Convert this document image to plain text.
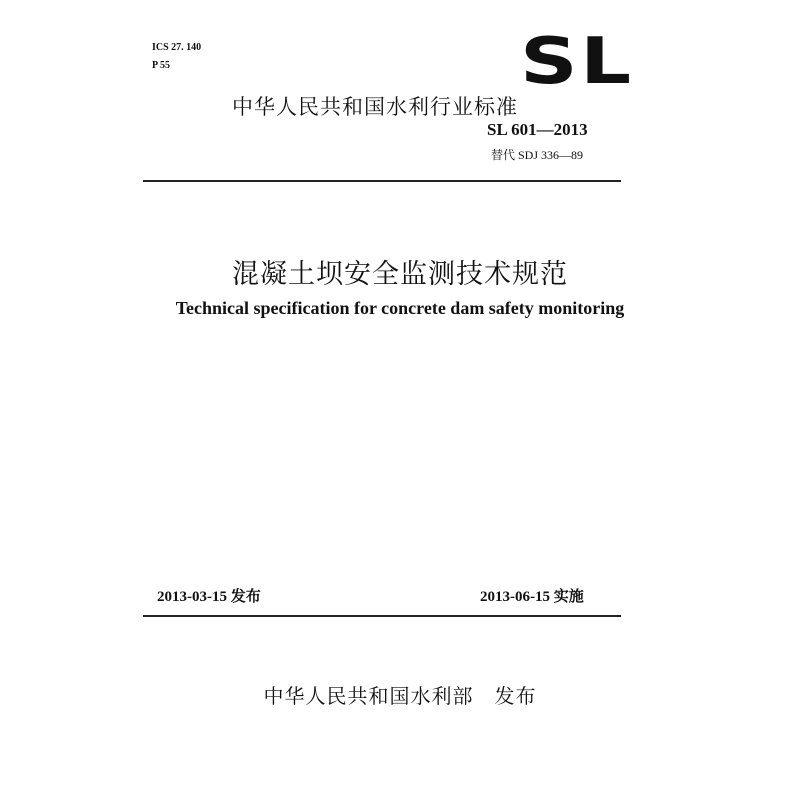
ICS 27. 140
P 55	SL
中华人民共和国水利行业标准
SL 601—2013
替代 SDJ 336—89
混凝土坝安全监测技术规范
Technical specification for concrete dam safety monitoring
2013-03-15 发布	2013-06-15 实施
中华人民共和国水利部　发布
